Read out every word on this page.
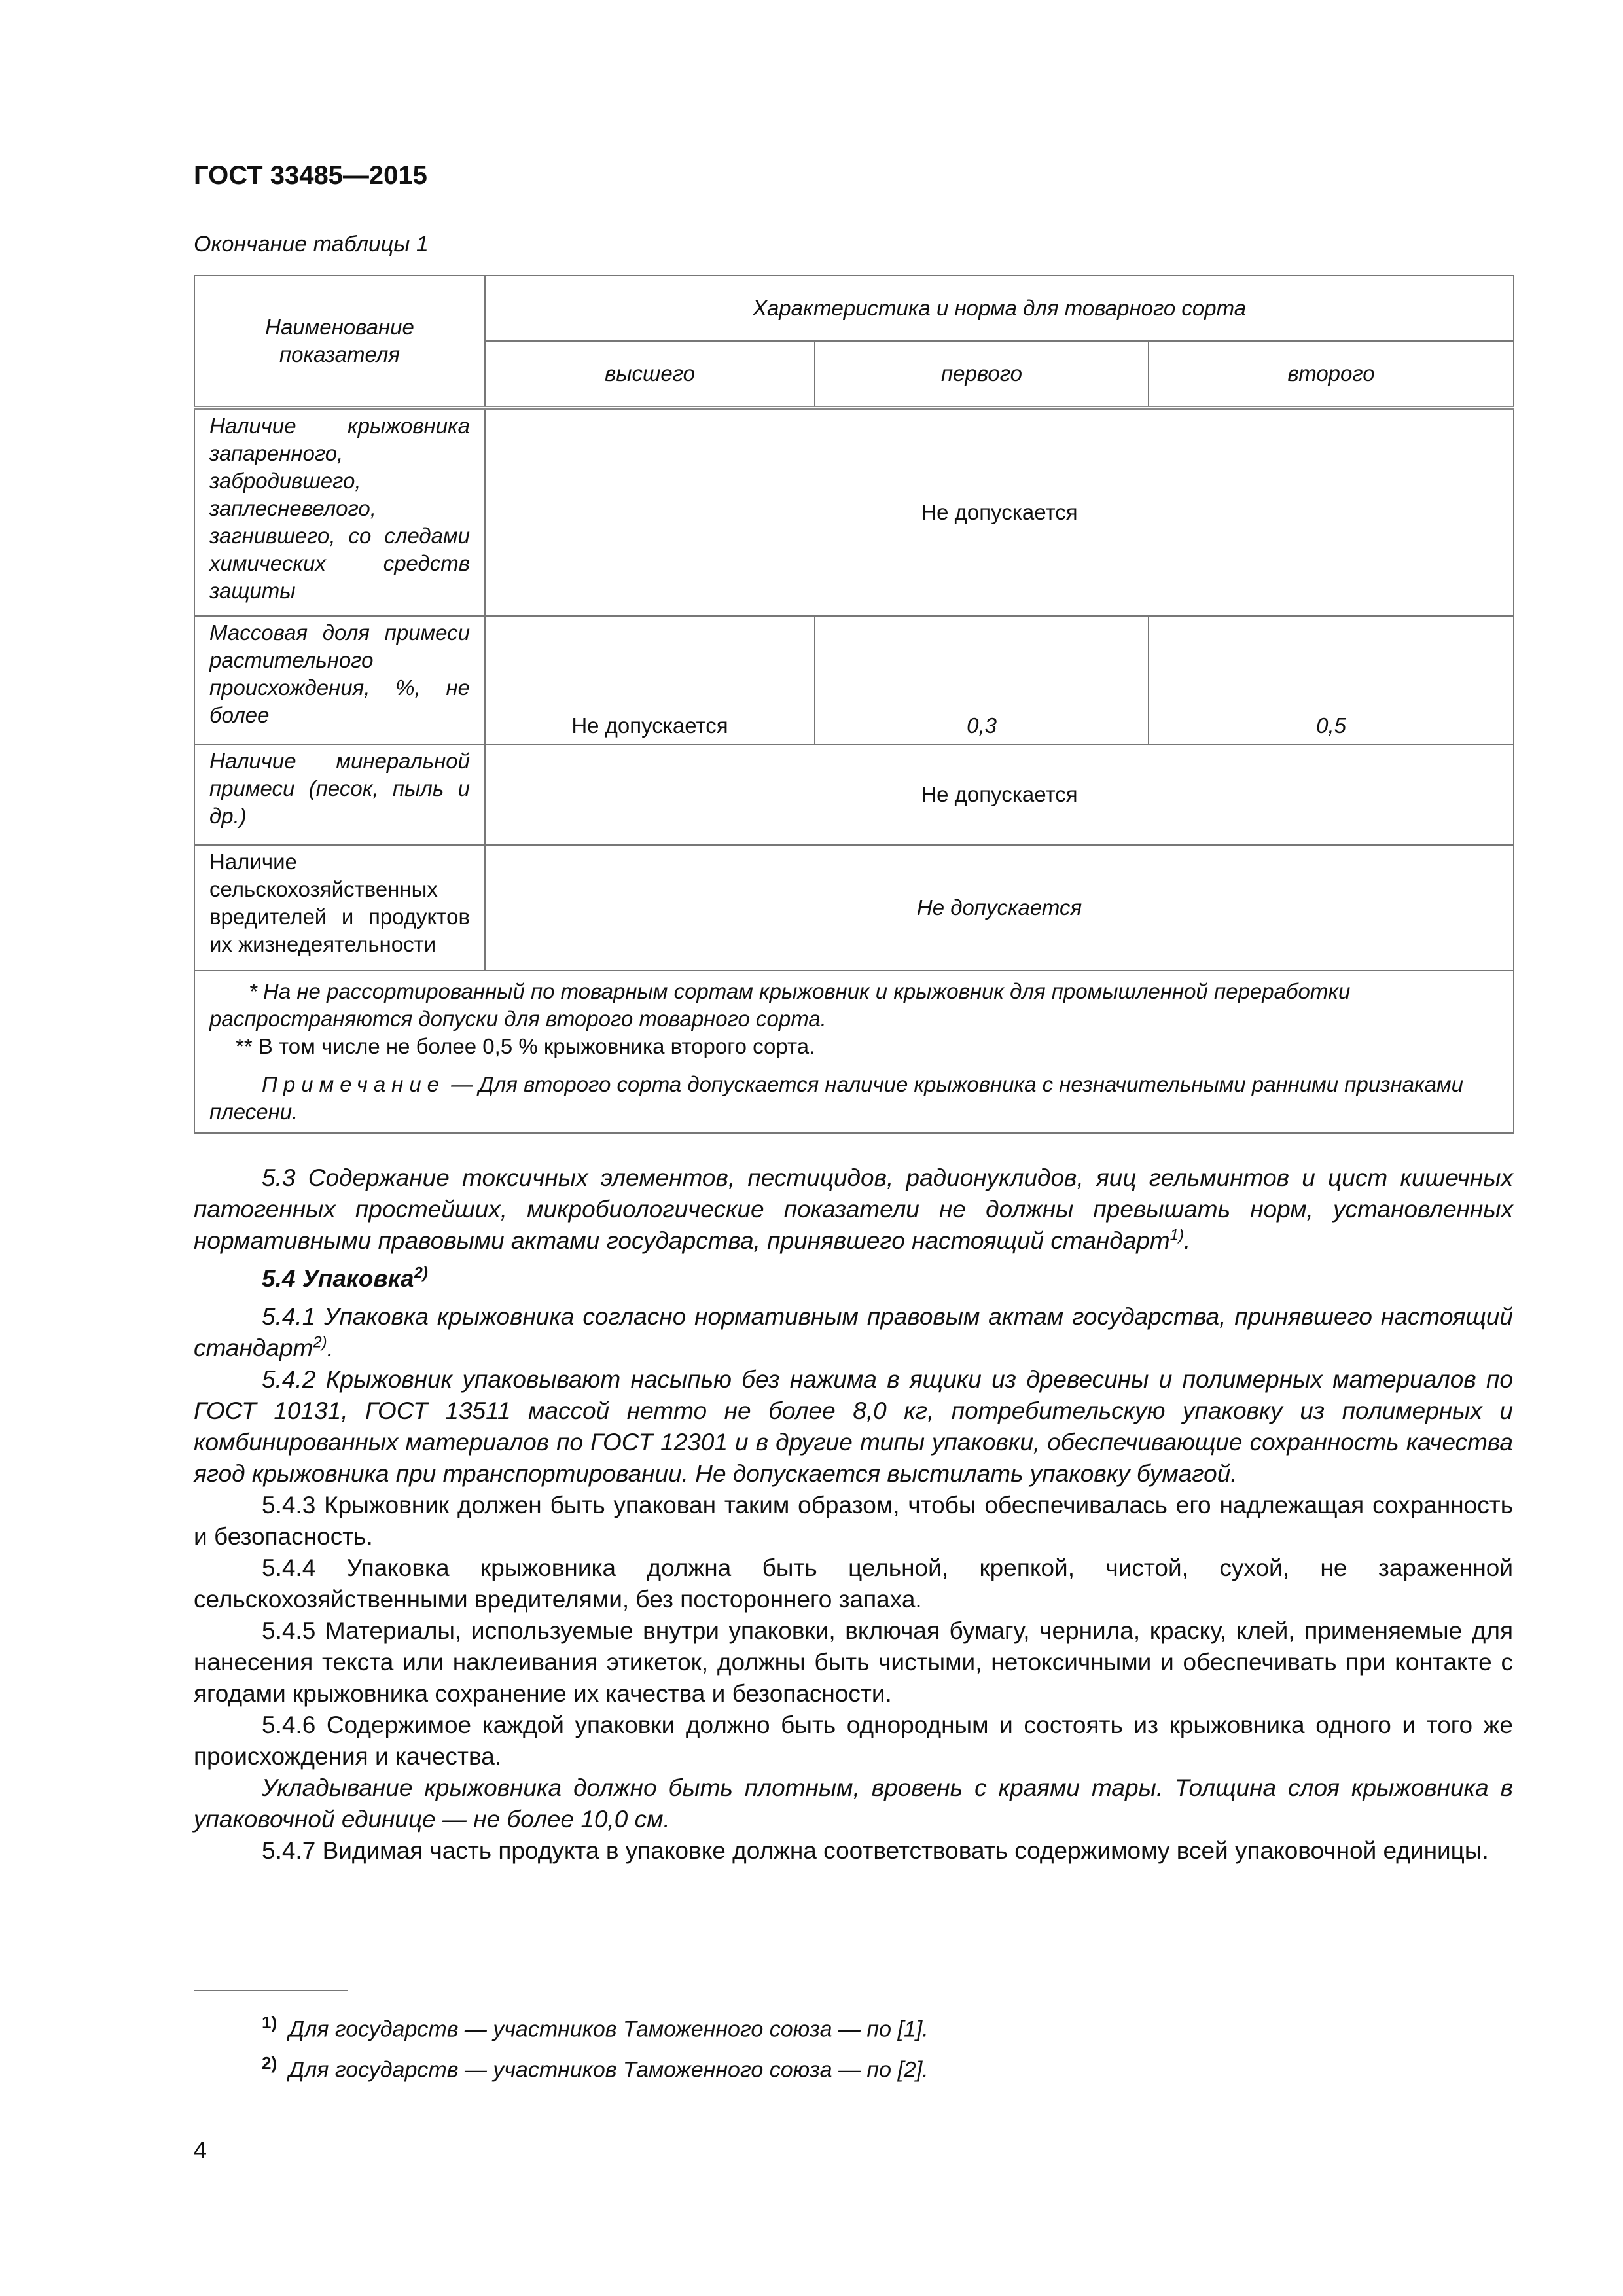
ГОСТ 33485—2015
Окончание таблицы 1
Наименование показателя	Характеристика и норма для товарного сорта		
	высшего	первого	второго
Наличие крыжовника запаренного, забродившего, заплесневелого, загнившего, со следами химических средств защиты	Не допускается		
Массовая доля примеси растительного происхождения, %, не более	Не допускается	0,3	0,5
Наличие минеральной примеси (песок, пыль и др.)	Не допускается		
Наличие сельскохозяйственных вредителей и продуктов их жизнедеятельности	Не допускается		

* На не рассортированный по товарным сортам крыжовник и крыжовник для промышленной переработки распространяются допуски для второго товарного сорта.

** В том числе не более 0,5 % крыжовника второго сорта.

Примечание — Для второго сорта допускается наличие крыжовника с незначительными ранними признаками плесени.			

5.3 Содержание токсичных элементов, пестицидов, радионуклидов, яиц гельминтов и цист кишечных патогенных простейших, микробиологические показатели не должны превышать норм, установленных нормативными правовыми актами государства, принявшего настоящий стандарт$^{1)}$.

5.4 Упаковка$^{2)}$

5.4.1 Упаковка крыжовника согласно нормативным правовым актам государства, принявшего настоящий стандарт$^{2)}$.

5.4.2 Крыжовник упаковывают насыпью без нажима в ящики из древесины и полимерных материалов по ГОСТ 10131, ГОСТ 13511 массой нетто не более 8,0 кг, потребительскую упаковку из полимерных и комбинированных материалов по ГОСТ 12301 и в другие типы упаковки, обеспечивающие сохранность качества ягод крыжовника при транспортировании. Не допускается выстилать упаковку бумагой.

5.4.3 Крыжовник должен быть упакован таким образом, чтобы обеспечивалась его надлежащая сохранность и безопасность.

5.4.4 Упаковка крыжовника должна быть цельной, крепкой, чистой, сухой, не зараженной сельскохозяйственными вредителями, без постороннего запаха.

5.4.5 Материалы, используемые внутри упаковки, включая бумагу, чернила, краску, клей, применяемые для нанесения текста или наклеивания этикеток, должны быть чистыми, нетоксичными и обеспечивать при контакте с ягодами крыжовника сохранение их качества и безопасности.

5.4.6 Содержимое каждой упаковки должно быть однородным и состоять из крыжовника одного и того же происхождения и качества.

Укладывание крыжовника должно быть плотным, вровень с краями тары. Толщина слоя крыжовника в упаковочной единице — не более 10,0 см.

5.4.7 Видимая часть продукта в упаковке должна соответствовать содержимому всей упаковочной единицы.

$^{1)}$ Для государств — участников Таможенного союза — по [1].
$^{2)}$ Для государств — участников Таможенного союза — по [2].
4
